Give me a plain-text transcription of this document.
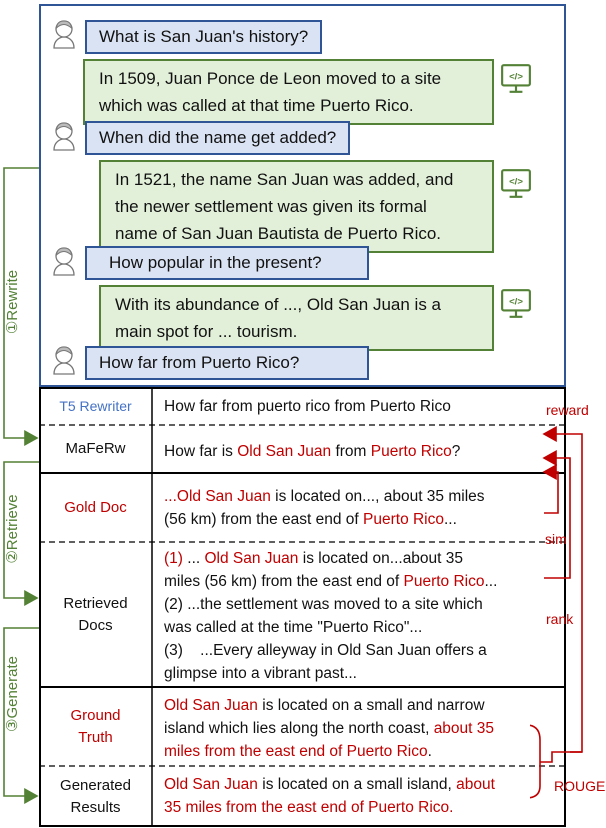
What is San Juan's history?
In 1509, Juan Ponce de Leon moved to a site
which was called at that time Puerto Rico.
When did the name get added?
In 1521, the name San Juan was added, and
the newer settlement was given its formal
name of San Juan Bautista de Puerto Rico.
How popular in the present?
With its abundance of ..., Old San Juan is a
main spot for ... tourism.
How far from Puerto Rico?
T5 Rewriter How far from puerto rico from Puerto Rico
MaFeRw How far is Old San Juan from Puerto Rico?
Gold Doc
...Old San Juan is located on..., about 35 miles
(56 km) from the east end of Puerto Rico...
Retrieved
Docs
(1) ... Old San Juan is located on...about 35
miles (56 km) from the east end of Puerto Rico...
(2) ...the settlement was moved to a site which
was called at the time "Puerto Rico"...
(3)    ...Every alleyway in Old San Juan offers a
glimpse into a vibrant past...
Ground
Truth
Old San Juan is located on a small and narrow
island which lies along the north coast, about 35
miles from the east end of Puerto Rico.
Generated
Results
Old San Juan is located on a small island, about
35 miles from the east end of Puerto Rico.
①Rewrite
②Retrieve
③Generate
reward
sim
rank
ROUGE
